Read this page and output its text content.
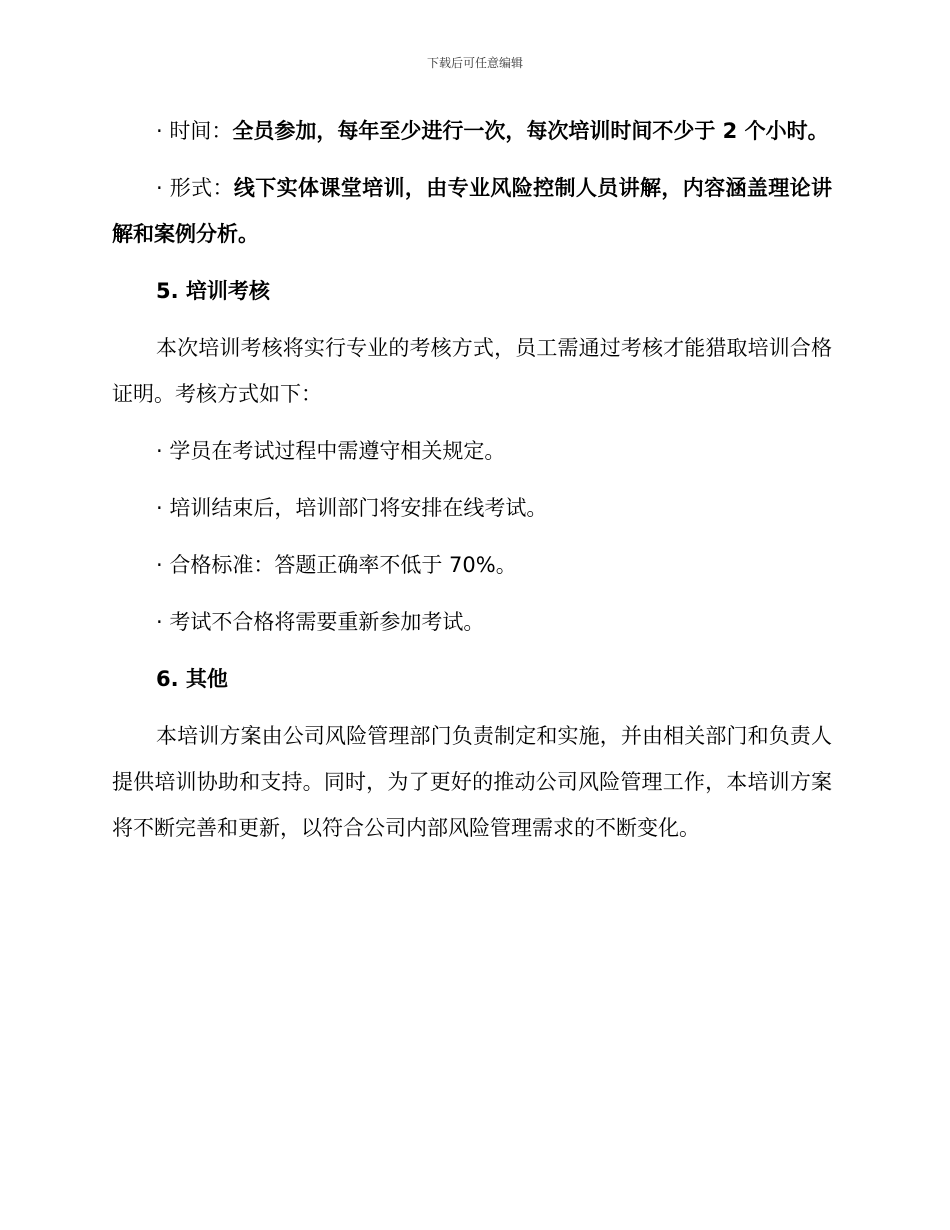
下载后可任意编辑

· 时间：全员参加，每年至少进行一次，每次培训时间不少于 2 个小时。

· 形式：线下实体课堂培训，由专业风险控制人员讲解，内容涵盖理论讲解和案例分析。

5. 培训考核

本次培训考核将实行专业的考核方式，员工需通过考核才能猎取培训合格证明。考核方式如下：

· 学员在考试过程中需遵守相关规定。
· 培训结束后，培训部门将安排在线考试。
· 合格标准：答题正确率不低于 70%。
· 考试不合格将需要重新参加考试。
6. 其他

本培训方案由公司风险管理部门负责制定和实施，并由相关部门和负责人提供培训协助和支持。同时，为了更好的推动公司风险管理工作，本培训方案将不断完善和更新，以符合公司内部风险管理需求的不断变化。
